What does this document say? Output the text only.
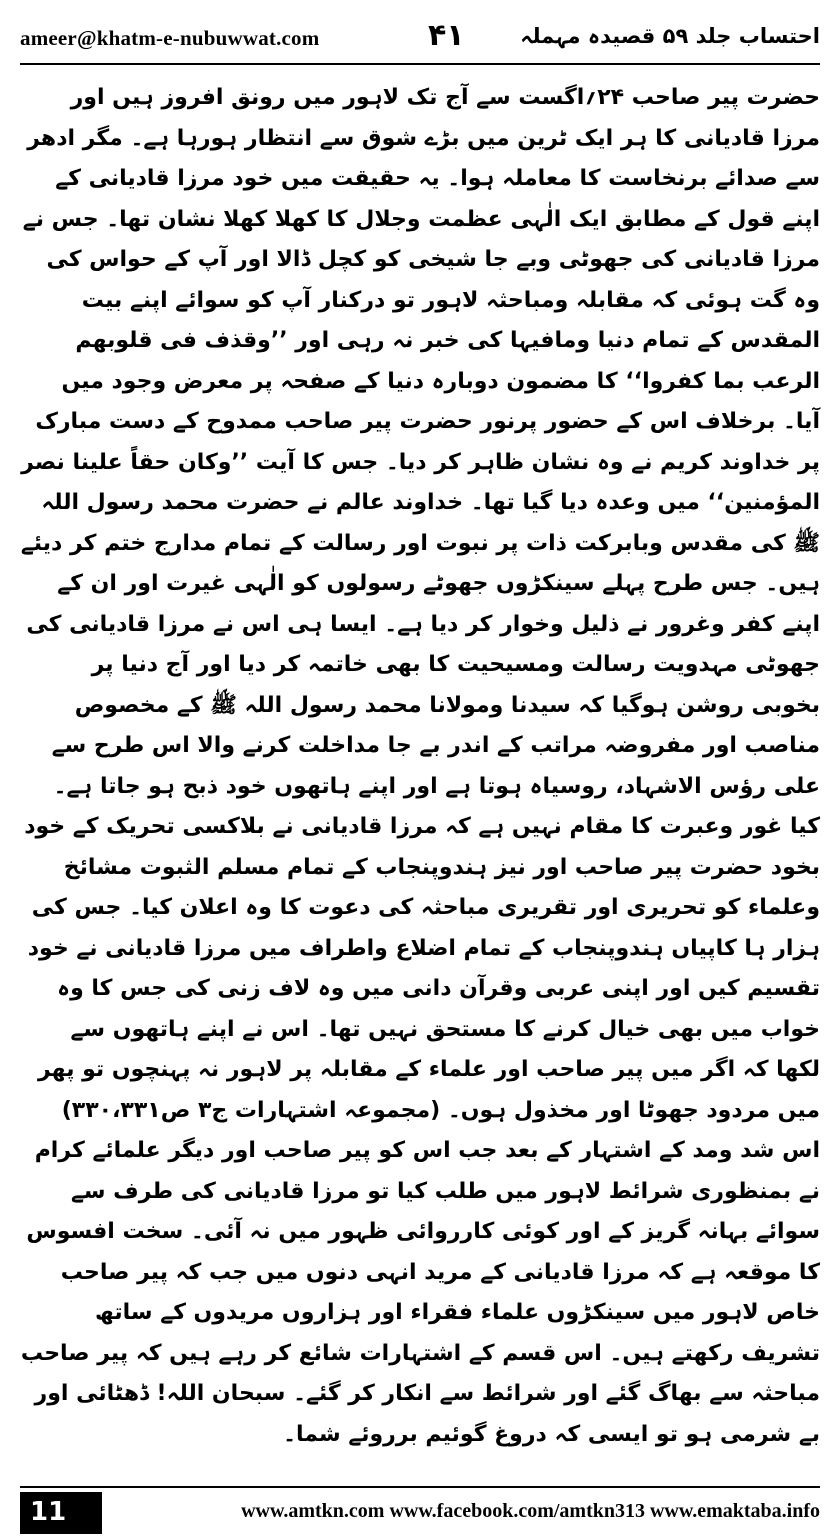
ameer@khatm-e-nubuwwat.com	۴۱	احتساب جلد ۵۹ قصیدہ مہملہ

حضرت پیر صاحب ۲۴؍اگست سے آج تک لاہور میں رونق افروز ہیں اور مرزا قادیانی کا ہر ایک ٹرین میں بڑے شوق سے انتظار ہورہا ہے۔ مگر ادھر سے صدائے برنخاست کا معاملہ ہوا۔ یہ حقیقت میں خود مرزا قادیانی کے اپنے قول کے مطابق ایک الٰہی عظمت وجلال کا کھلا کھلا نشان تھا۔ جس نے مرزا قادیانی کی جھوٹی وبے جا شیخی کو کچل ڈالا اور آپ کے حواس کی وہ گت ہوئی کہ مقابلہ ومباحثہ لاہور تو درکنار آپ کو سوائے اپنے بیت المقدس کے تمام دنیا ومافیہا کی خبر نہ رہی اور ’’وقذف فی قلوبھم الرعب بما کفروا‘‘ کا مضمون دوبارہ دنیا کے صفحہ پر معرض وجود میں آیا۔ برخلاف اس کے حضور پرنور حضرت پیر صاحب ممدوح کے دست مبارک پر خداوند کریم نے وہ نشان ظاہر کر دیا۔ جس کا آیت ’’وکان حقاً علینا نصر المؤمنین‘‘ میں وعدہ دیا گیا تھا۔ خداوند عالم نے حضرت محمد رسول اللہ ﷺ کی مقدس وبابرکت ذات پر نبوت اور رسالت کے تمام مدارج ختم کر دیئے ہیں۔ جس طرح پہلے سینکڑوں جھوٹے رسولوں کو الٰہی غیرت اور ان کے اپنے کفر وغرور نے ذلیل وخوار کر دیا ہے۔ ایسا ہی اس نے مرزا قادیانی کی جھوٹی مہدویت رسالت ومسیحیت کا بھی خاتمہ کر دیا اور آج دنیا پر بخوبی روشن ہوگیا کہ سیدنا ومولانا محمد رسول اللہ ﷺ کے مخصوص مناصب اور مفروضہ مراتب کے اندر بے جا مداخلت کرنے والا اس طرح سے علی رؤس الاشہاد، روسیاہ ہوتا ہے اور اپنے ہاتھوں خود ذبح ہو جاتا ہے۔ کیا غور وعبرت کا مقام نہیں ہے کہ مرزا قادیانی نے بلاکسی تحریک کے خود بخود حضرت پیر صاحب اور نیز ہندوپنجاب کے تمام مسلم الثبوت مشائخ وعلماء کو تحریری اور تقریری مباحثہ کی دعوت کا وہ اعلان کیا۔ جس کی ہزار ہا کاپیاں ہندوپنجاب کے تمام اضلاع واطراف میں مرزا قادیانی نے خود تقسیم کیں اور اپنی عربی وقرآن دانی میں وہ لاف زنی کی جس کا وہ خواب میں بھی خیال کرنے کا مستحق نہیں تھا۔ اس نے اپنے ہاتھوں سے لکھا کہ اگر میں پیر صاحب اور علماء کے مقابلہ پر لاہور نہ پہنچوں تو پھر میں مردود جھوٹا اور مخذول ہوں۔ (مجموعہ اشتہارات ج۳ ص۳۳۰،۳۳۱) اس شد ومد کے اشتہار کے بعد جب اس کو پیر صاحب اور دیگر علمائے کرام نے بمنظوری شرائط لاہور میں طلب کیا تو مرزا قادیانی کی طرف سے سوائے بہانہ گریز کے اور کوئی کارروائی ظہور میں نہ آئی۔ سخت افسوس کا موقعہ ہے کہ مرزا قادیانی کے مرید انہی دنوں میں جب کہ پیر صاحب خاص لاہور میں سینکڑوں علماء فقراء اور ہزاروں مریدوں کے ساتھ تشریف رکھتے ہیں۔ اس قسم کے اشتہارات شائع کر رہے ہیں کہ پیر صاحب مباحثہ سے بھاگ گئے اور شرائط سے انکار کر گئے۔ سبحان اللہ! ڈھٹائی اور بے شرمی ہو تو ایسی کہ دروغ گوئیم برروئے شما۔

11	www.amtkn.com www.facebook.com/amtkn313 www.emaktaba.info
